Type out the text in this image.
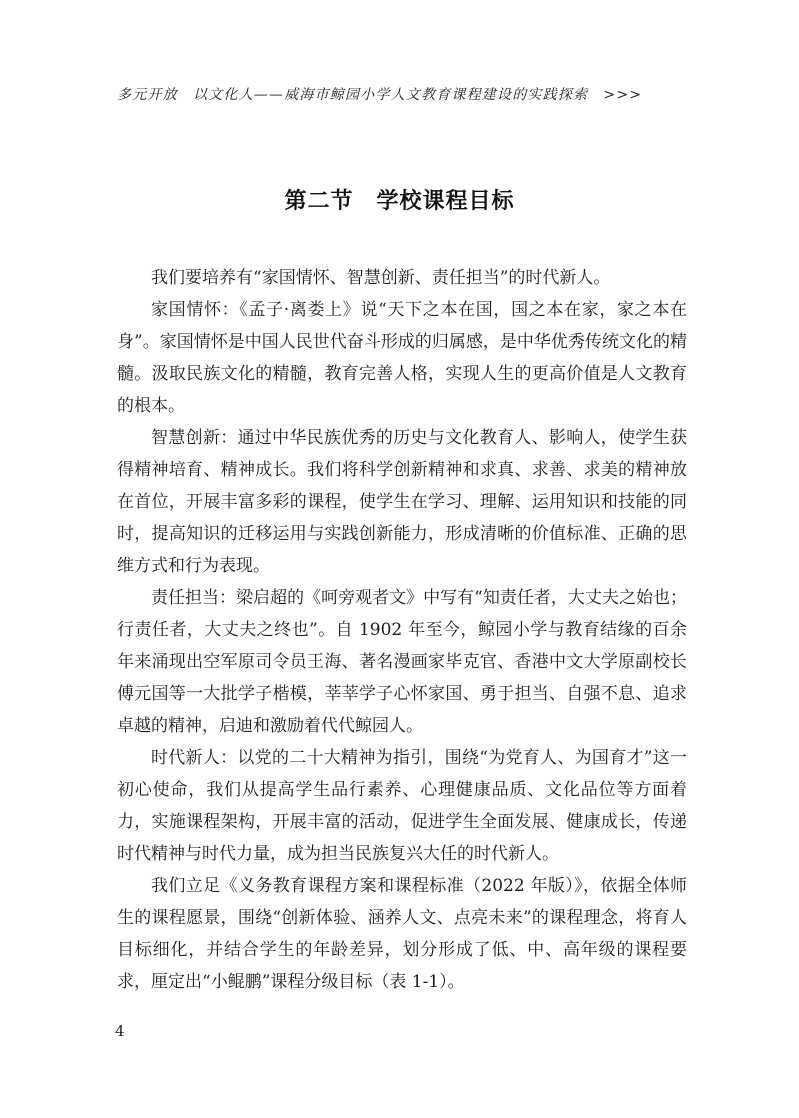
多元开放　以文化人——威海市鲸园小学人文教育课程建设的实践探索　>>>
第二节　学校课程目标

我们要培养有“家国情怀、智慧创新、责任担当”的时代新人。

家国情怀：《孟子·离娄上》说“天下之本在国，国之本在家，家之本在身”。家国情怀是中国人民世代奋斗形成的归属感，是中华优秀传统文化的精髓。汲取民族文化的精髓，教育完善人格，实现人生的更高价值是人文教育的根本。

智慧创新：通过中华民族优秀的历史与文化教育人、影响人，使学生获得精神培育、精神成长。我们将科学创新精神和求真、求善、求美的精神放在首位，开展丰富多彩的课程，使学生在学习、理解、运用知识和技能的同时，提高知识的迁移运用与实践创新能力，形成清晰的价值标准、正确的思维方式和行为表现。

责任担当：梁启超的《呵旁观者文》中写有“知责任者，大丈夫之始也；行责任者，大丈夫之终也”。自 1902 年至今，鲸园小学与教育结缘的百余年来涌现出空军原司令员王海、著名漫画家毕克官、香港中文大学原副校长傅元国等一大批学子楷模，莘莘学子心怀家国、勇于担当、自强不息、追求卓越的精神，启迪和激励着代代鲸园人。

时代新人：以党的二十大精神为指引，围绕“为党育人、为国育才”这一初心使命，我们从提高学生品行素养、心理健康品质、文化品位等方面着力，实施课程架构，开展丰富的活动，促进学生全面发展、健康成长，传递时代精神与时代力量，成为担当民族复兴大任的时代新人。

我们立足《义务教育课程方案和课程标准（2022 年版）》，依据全体师生的课程愿景，围绕“创新体验、涵养人文、点亮未来”的课程理念，将育人目标细化，并结合学生的年龄差异，划分形成了低、中、高年级的课程要求，厘定出“小鲲鹏”课程分级目标（表 1-1）。

4
